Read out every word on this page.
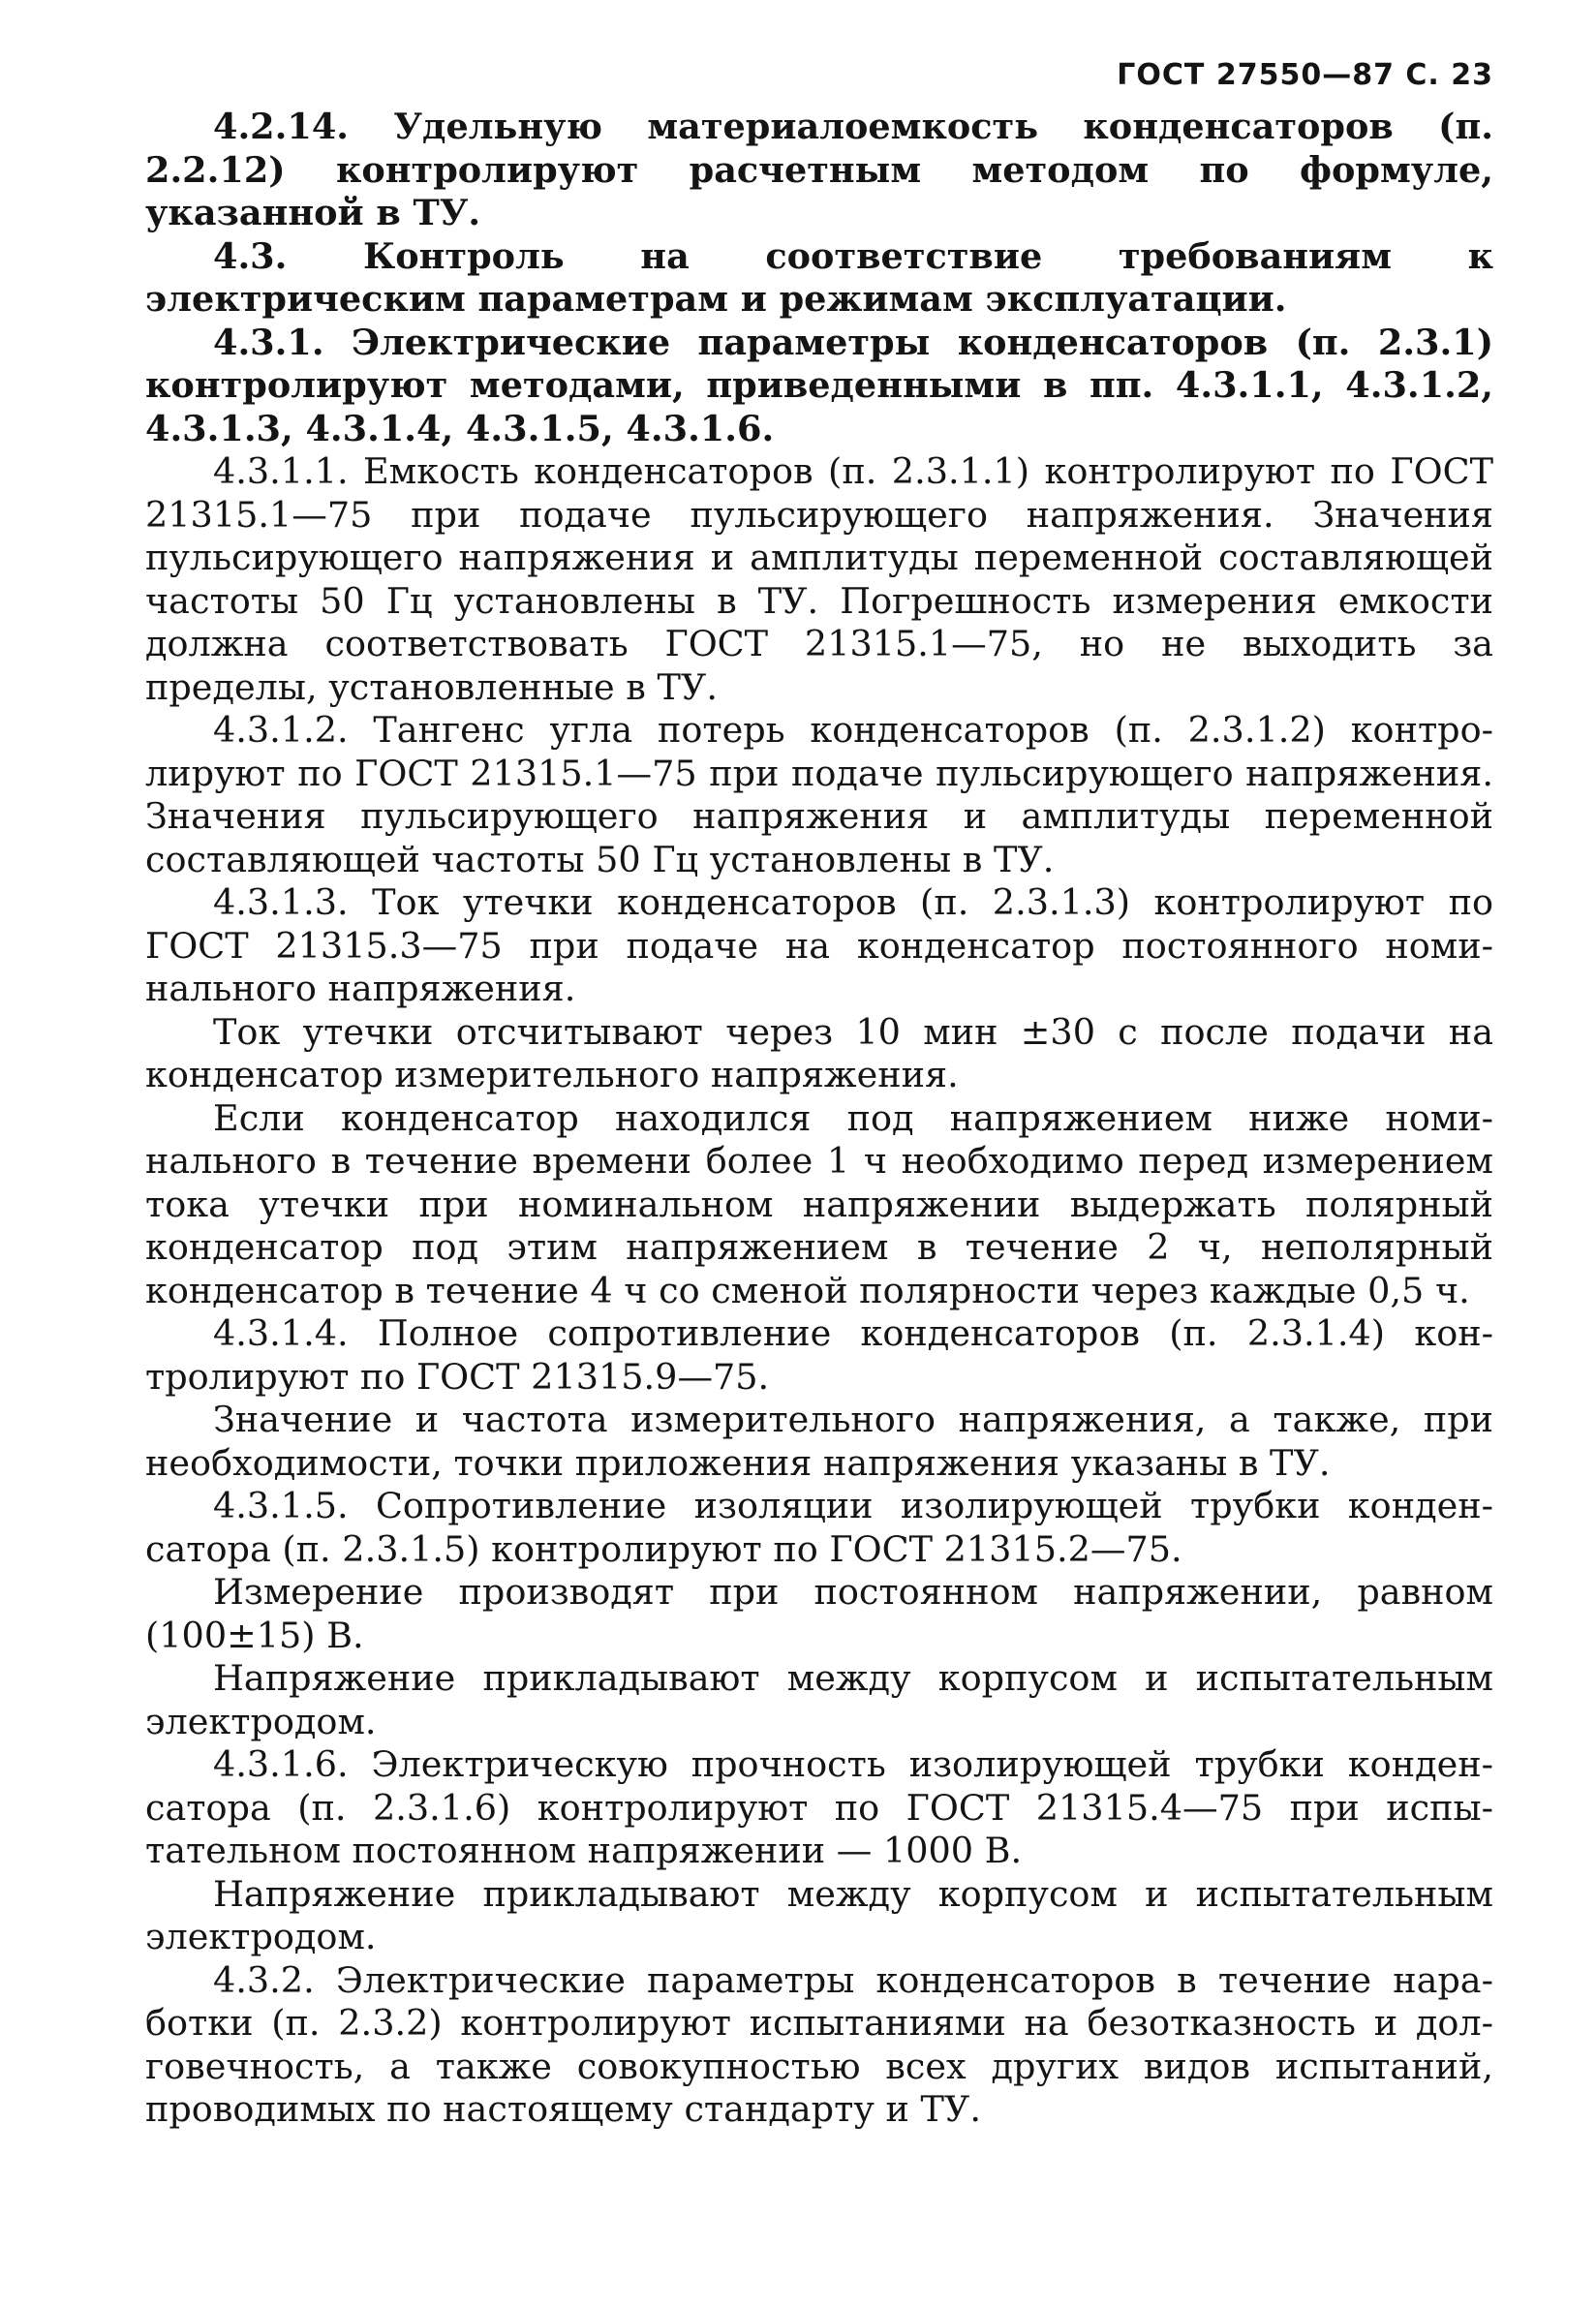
ГОСТ 27550—87 С. 23

4.2.14. Удельную материалоемкость конденсаторов (п. 2.2.12) контролируют расчетным методом по формуле, указанной в ТУ.

4.3. Контроль на соответствие требованиям к электрическим параметрам и режимам эксплуатации.

4.3.1. Электрические параметры конденсаторов (п. 2.3.1) контролируют методами, приведенными в пп. 4.3.1.1, 4.3.1.2, 4.3.1.3, 4.3.1.4, 4.3.1.5, 4.3.1.6.

4.3.1.1. Емкость конденсаторов (п. 2.3.1.1) контролируют по ГОСТ 21315.1—75 при подаче пульсирующего напряжения. Значения пульсирующего напряжения и амплитуды переменной составляющей частоты 50 Гц установлены в ТУ. Погрешность измерения емкости должна соответствовать ГОСТ 21315.1—75, но не выходить за пределы, установленные в ТУ.

4.3.1.2. Тангенс угла потерь конденсаторов (п. 2.3.1.2) контролируют по ГОСТ 21315.1—75 при подаче пульсирующего напряжения. Значения пульсирующего напряжения и амплитуды переменной составляющей частоты 50 Гц установлены в ТУ.

4.3.1.3. Ток утечки конденсаторов (п. 2.3.1.3) контролируют по ГОСТ 21315.3—75 при подаче на конденсатор постоянного номинального напряжения.

Ток утечки отсчитывают через 10 мин ±30 с после подачи на конденсатор измерительного напряжения.

Если конденсатор находился под напряжением ниже номинального в течение времени более 1 ч необходимо перед измерением тока утечки при номинальном напряжении выдержать полярный конденсатор под этим напряжением в течение 2 ч, неполярный конденсатор в течение 4 ч со сменой полярности через каждые 0,5 ч.

4.3.1.4. Полное сопротивление конденсаторов (п. 2.3.1.4) контролируют по ГОСТ 21315.9—75.

Значение и частота измерительного напряжения, а также, при необходимости, точки приложения напряжения указаны в ТУ.

4.3.1.5. Сопротивление изоляции изолирующей трубки конденсатора (п. 2.3.1.5) контролируют по ГОСТ 21315.2—75.

Измерение производят при постоянном напряжении, равном (100±15) В.

Напряжение прикладывают между корпусом и испытательным электродом.

4.3.1.6. Электрическую прочность изолирующей трубки конденсатора (п. 2.3.1.6) контролируют по ГОСТ 21315.4—75 при испытательном постоянном напряжении — 1000 В.

Напряжение прикладывают между корпусом и испытательным электродом.

4.3.2. Электрические параметры конденсаторов в течение наработки (п. 2.3.2) контролируют испытаниями на безотказность и долговечность, а также совокупностью всех других видов испытаний, проводимых по настоящему стандарту и ТУ.
